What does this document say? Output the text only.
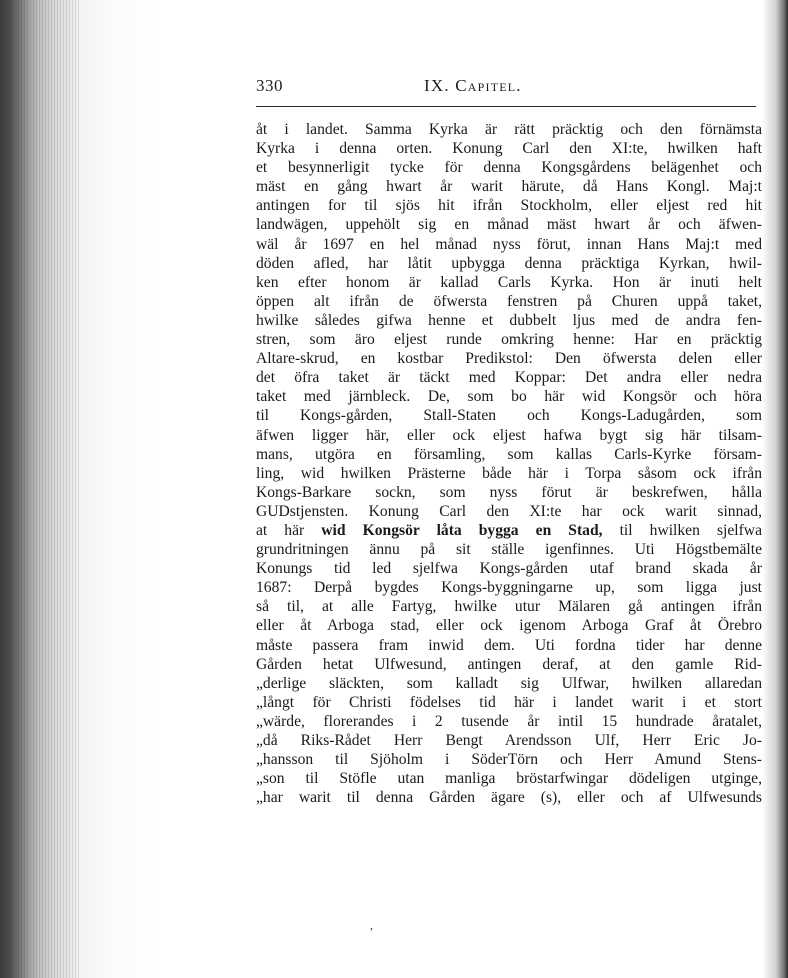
330	IX. Capitel.
åt i landet. Samma Kyrka är rätt präcktig och den förnämsta
Kyrka i denna orten. Konung Carl den XI:te, hwilken haft
et besynnerligit tycke för denna Kongsgårdens belägenhet och
mäst en gång hwart år warit härute, då Hans Kongl. Maj:t
antingen for til sjös hit ifrån Stockholm, eller eljest red hit
landwägen, uppehölt sig en månad mäst hwart år och äfwen-
wäl år 1697 en hel månad nyss förut, innan Hans Maj:t med
döden afled, har låtit upbygga denna präcktiga Kyrkan, hwil-
ken efter honom är kallad Carls Kyrka. Hon är inuti helt
öppen alt ifrån de öfwersta fenstren på Churen uppå taket,
hwilke således gifwa henne et dubbelt ljus med de andra fen-
stren, som äro eljest runde omkring henne: Har en präcktig
Altare-skrud, en kostbar Predikstol: Den öfwersta delen eller
det öfra taket är täckt med Koppar: Det andra eller nedra
taket med järnbleck. De, som bo här wid Kongsör och höra
til Kongs-gården, Stall-Staten och Kongs-Ladugården, som
äfwen ligger här, eller ock eljest hafwa bygt sig här tilsam-
mans, utgöra en församling, som kallas Carls-Kyrke försam-
ling, wid hwilken Prästerne både här i Torpa såsom ock ifrån
Kongs-Barkare sockn, som nyss förut är beskrefwen, hålla
GUDstjensten. Konung Carl den XI:te har ock warit sinnad,
at här wid Kongsör låta bygga en Stad, til hwilken sjelfwa
grundritningen ännu på sit ställe igenfinnes. Uti Högstbemälte
Konungs tid led sjelfwa Kongs-gården utaf brand skada år
1687: Derpå bygdes Kongs-byggningarne up, som ligga just
så til, at alle Fartyg, hwilke utur Mälaren gå antingen ifrån
eller åt Arboga stad, eller ock igenom Arboga Graf åt Örebro
måste passera fram inwid dem. Uti fordna tider har denne
Gården hetat Ulfwesund, antingen deraf, at den gamle Rid-
„derlige släckten, som kalladt sig Ulfwar, hwilken allaredan
„långt för Christi födelses tid här i landet warit i et stort
„wärde, florerandes i 2 tusende år intil 15 hundrade åratalet,
„då Riks-Rådet Herr Bengt Arendsson Ulf, Herr Eric Jo-
„hansson til Sjöholm i SöderTörn och Herr Amund Stens-
„son til Stöfle utan manliga bröstarfwingar dödeligen utginge,
„har warit til denna Gården ägare (s), eller och af Ulfwesunds
,
